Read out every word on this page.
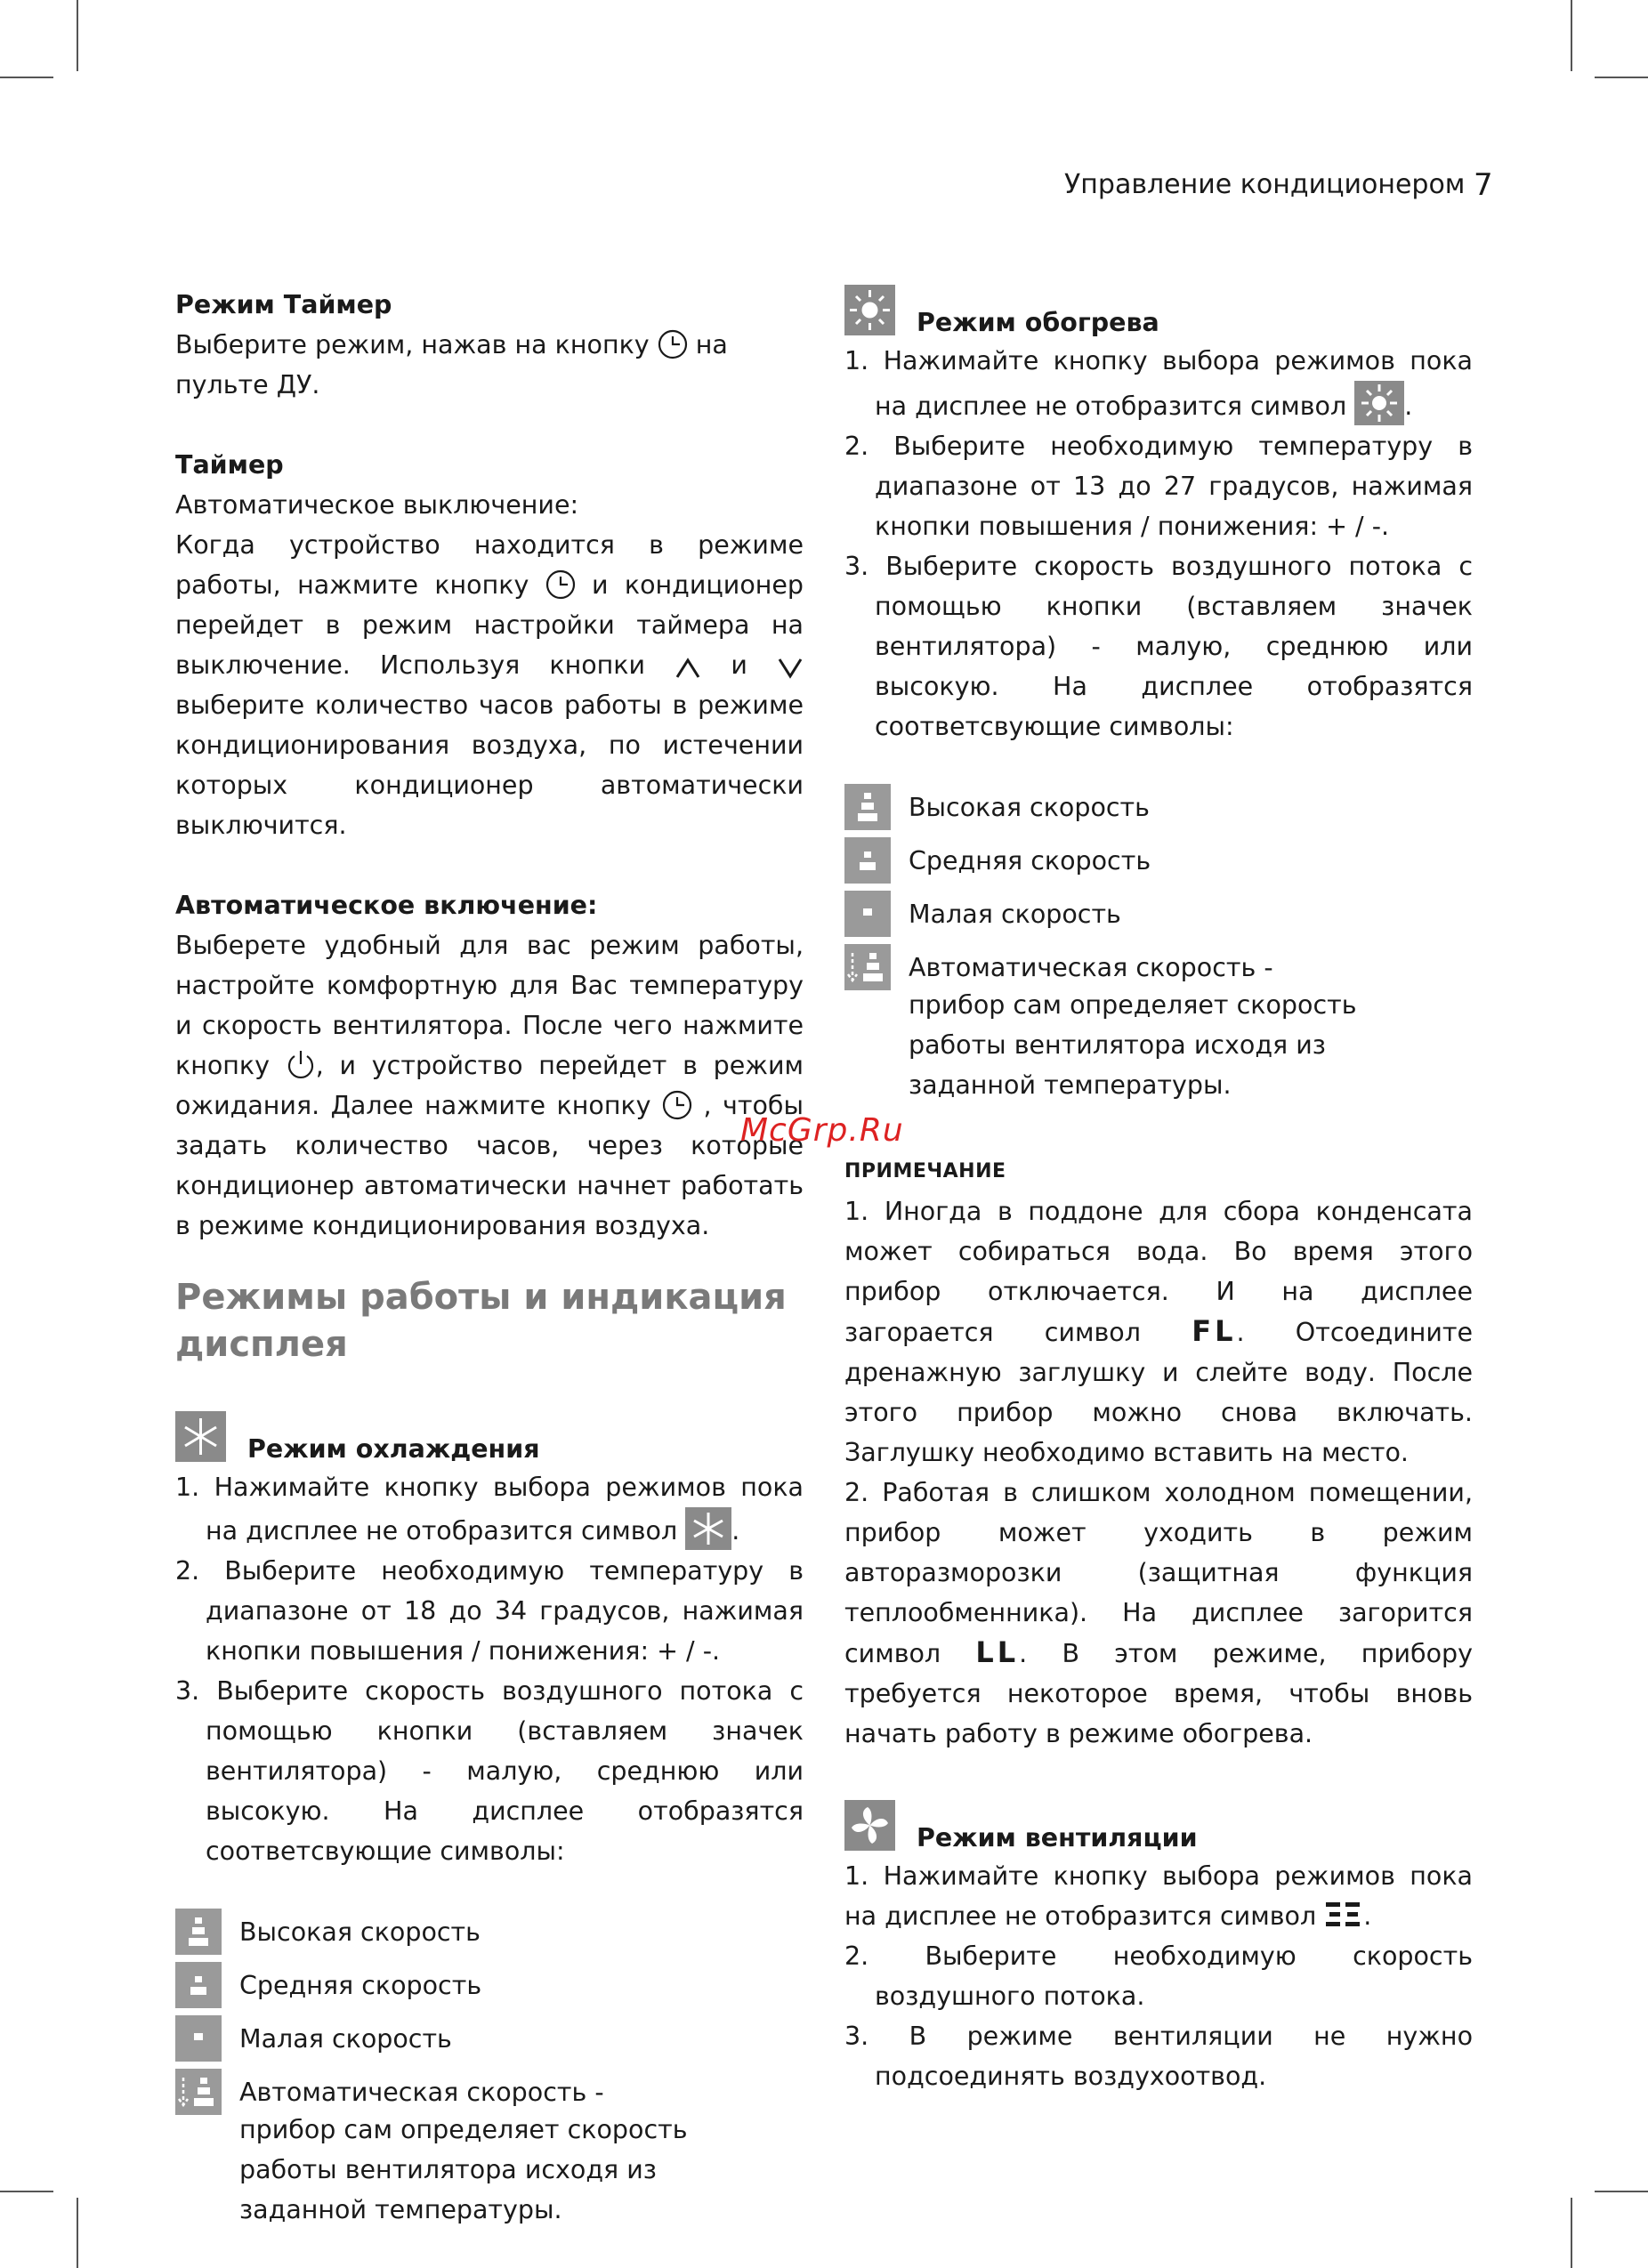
Управление кондиционером 7

Режим Таймер

Выберите режим, нажав на кнопку на пульте ДУ.

Таймер

Автоматическое выключение:

Когда устройство находится в режиме работы, нажмите кнопку и кондиционер перейдет в режим настройки таймера на выключение. Используя кнопки	и  выберите количество часов работы в режиме кондиционирования воздуха, по истечении которых кондиционер автоматически выключится.

Автоматическое включение:

Выберете удобный для вас режим работы, настройте комфортную для Вас температуру и скорость вентилятора. После чего нажмите кнопку , и устройство перейдет в режим ожидания. Далее нажмите кнопку , чтобы задать количество часов, через которые кондиционер автоматически начнет работать в режиме кондиционирования воздуха.

Режимы работы и индикация дисплея

Режим охлаждения
1. Нажимайте кнопку выбора режимов пока на дисплее не отобразится символ .
2. Выберите необходимую температуру в диапазоне от 18 до 34 градусов, нажимая кнопки повышения / понижения: + / -.
3. Выберите скорость воздушного потока с помощью кнопки (вставляем значек вентилятора) - малую, среднюю или высокую. На дисплее отобразятся соответсвующие символы:
Высокая скорость
Средняя скорость
Малая скорость
Автоматическая скорость -

прибор сам определяет скорость работы вентилятора исходя из заданной температуры.

Режим обогрева
1. Нажимайте кнопку выбора режимов пока на дисплее не отобразится символ .
2. Выберите необходимую температуру в диапазоне от 13 до 27 градусов, нажимая кнопки повышения / понижения: + / -.
3. Выберите скорость воздушного потока с помощью кнопки (вставляем значек вентилятора) - малую, среднюю или высокую. На дисплее отобразятся соответсвующие символы:
Высокая скорость
Средняя скорость
Малая скорость
Автоматическая скорость -

прибор сам определяет скорость работы вентилятора исходя из заданной температуры.

ПРИМЕЧАНИЕ

1. Иногда в поддоне для сбора конденсата может собираться вода. Во время этого прибор отключается. И на дисплее загорается символ FL. Отсоедините дренажную заглушку и слейте воду. После этого прибор можно снова включать. Заглушку необходимо вставить на место.

2. Работая в слишком холодном помещении, прибор может уходить в режим авторазморозки (защитная функция теплообменника). На дисплее загорится символ LL. В этом режиме, прибору требуется некоторое время, чтобы вновь начать работу в режиме обогрева.

Режим вентиляции

1. Нажимайте кнопку выбора режимов пока на дисплее не отобразится символ .

2. Выберите необходимую скорость воздушного потока.
3. В режиме вентиляции не нужно подсоединять воздухоотвод.
McGrp.Ru
